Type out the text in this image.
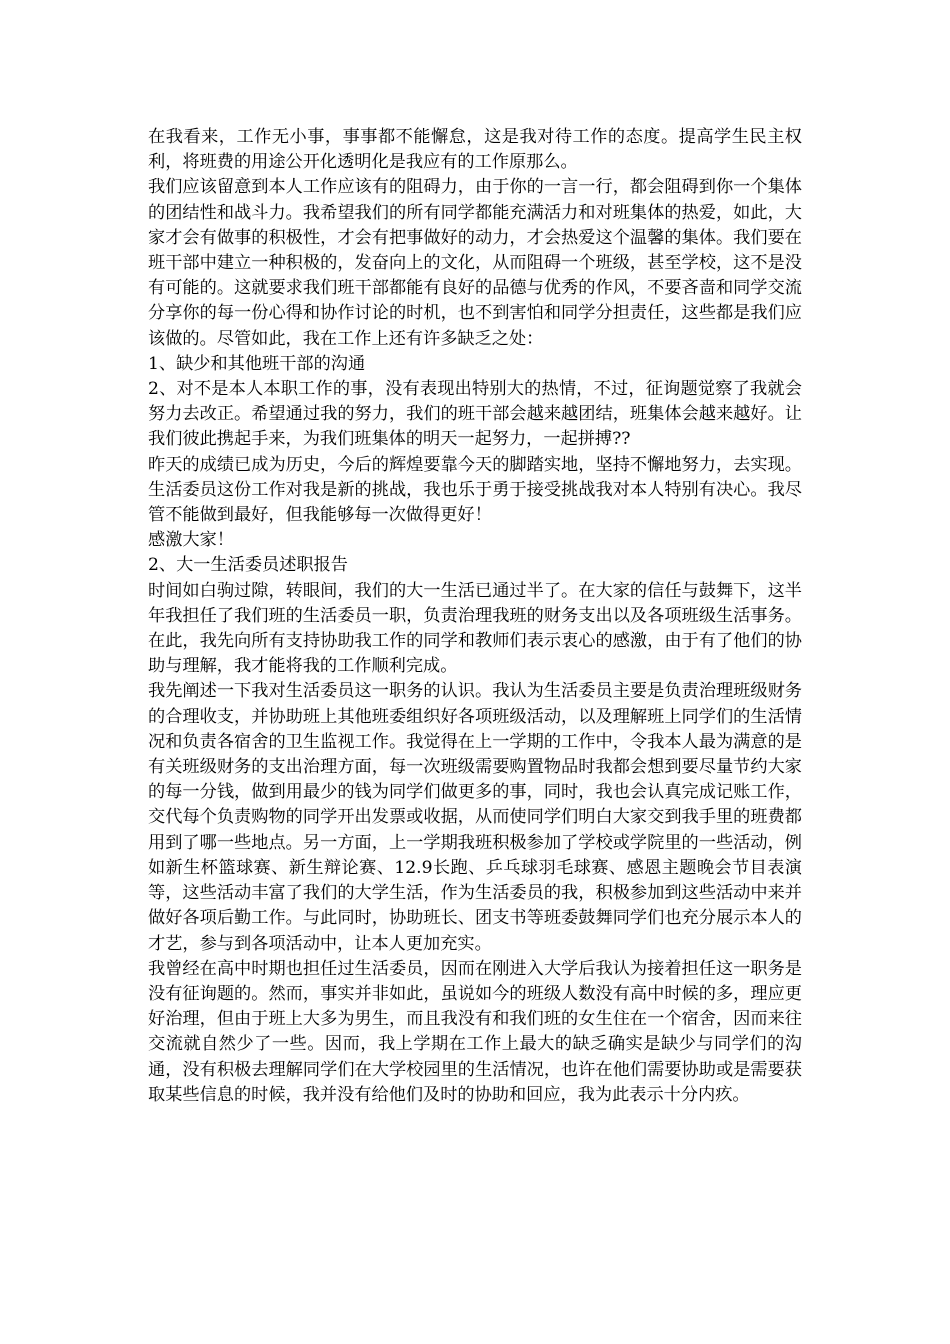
在我看来，工作无小事，事事都不能懈怠，这是我对待工作的态度。提高学生民主权利，将班费的用途公开化透明化是我应有的工作原那么。

我们应该留意到本人工作应该有的阻碍力，由于你的一言一行，都会阻碍到你一个集体的团结性和战斗力。我希望我们的所有同学都能充满活力和对班集体的热爱，如此，大家才会有做事的积极性，才会有把事做好的动力，才会热爱这个温馨的集体。我们要在班干部中建立一种积极的，发奋向上的文化，从而阻碍一个班级，甚至学校，这不是没有可能的。这就要求我们班干部都能有良好的品德与优秀的作风，不要吝啬和同学交流分享你的每一份心得和协作讨论的时机，也不到害怕和同学分担责任，这些都是我们应该做的。尽管如此，我在工作上还有许多缺乏之处：

1、缺少和其他班干部的沟通

2、对不是本人本职工作的事，没有表现出特别大的热情，不过，征询题觉察了我就会努力去改正。希望通过我的努力，我们的班干部会越来越团结，班集体会越来越好。让我们彼此携起手来，为我们班集体的明天一起努力，一起拼搏??

昨天的成绩已成为历史，今后的辉煌要靠今天的脚踏实地，坚持不懈地努力，去实现。生活委员这份工作对我是新的挑战，我也乐于勇于接受挑战我对本人特别有决心。我尽管不能做到最好，但我能够每一次做得更好！

感激大家！

2、大一生活委员述职报告

时间如白驹过隙，转眼间，我们的大一生活已通过半了。在大家的信任与鼓舞下，这半年我担任了我们班的生活委员一职，负责治理我班的财务支出以及各项班级生活事务。在此，我先向所有支持协助我工作的同学和教师们表示衷心的感激，由于有了他们的协助与理解，我才能将我的工作顺利完成。

我先阐述一下我对生活委员这一职务的认识。我认为生活委员主要是负责治理班级财务的合理收支，并协助班上其他班委组织好各项班级活动，以及理解班上同学们的生活情况和负责各宿舍的卫生监视工作。我觉得在上一学期的工作中，令我本人最为满意的是有关班级财务的支出治理方面，每一次班级需要购置物品时我都会想到要尽量节约大家的每一分钱，做到用最少的钱为同学们做更多的事，同时，我也会认真完成记账工作，交代每个负责购物的同学开出发票或收据，从而使同学们明白大家交到我手里的班费都用到了哪一些地点。另一方面，上一学期我班积极参加了学校或学院里的一些活动，例如新生杯篮球赛、新生辩论赛、12.9长跑、乒乓球羽毛球赛、感恩主题晚会节目表演等，这些活动丰富了我们的大学生活，作为生活委员的我，积极参加到这些活动中来并做好各项后勤工作。与此同时，协助班长、团支书等班委鼓舞同学们也充分展示本人的才艺，参与到各项活动中，让本人更加充实。

我曾经在高中时期也担任过生活委员，因而在刚进入大学后我认为接着担任这一职务是没有征询题的。然而，事实并非如此，虽说如今的班级人数没有高中时候的多，理应更好治理，但由于班上大多为男生，而且我没有和我们班的女生住在一个宿舍，因而来往交流就自然少了一些。因而，我上学期在工作上最大的缺乏确实是缺少与同学们的沟通，没有积极去理解同学们在大学校园里的生活情况，也许在他们需要协助或是需要获取某些信息的时候，我并没有给他们及时的协助和回应，我为此表示十分内疚。
